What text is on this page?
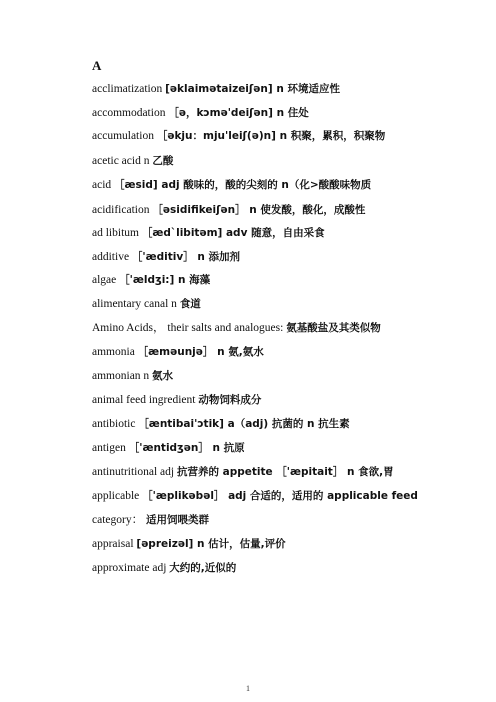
A
acclimatization [əklaimətaizeiʃən] n 环境适应性
accommodation ［ə，kɔmə'deiʃən] n 住处
accumulation ［əkju：mju'leiʃ(ə)n] n 积聚，累积，积聚物
acetic acid n 乙酸
acid ［æsid] adj 酸味的，酸的尖刻的 n（化>酸酸味物质
acidification ［əsidifikeiʃən］ n 使发酸，酸化，成酸性
ad libitum ［æd`libitəm] adv 随意，自由采食
additive ［'æditiv］ n 添加剂
algae ［'ældʒi:] n 海藻
alimentary canal n 食道
Amino Acids， their salts and analogues: 氨基酸盐及其类似物
ammonia ［æməunjə］ n 氨,氨水
ammonian n 氨水
animal feed ingredient 动物饲料成分
antibiotic ［æntibai'ɔtik] a（adj) 抗菌的 n 抗生素
antigen ［'æntidʒən］ n 抗原
antinutritional adj 抗营养的 appetite ［'æpitait］ n 食欲,胃
applicable ［'æplikəbəl］ adj 合适的，适用的 applicable feed
category： 适用饲喂类群
appraisal [əpreizəl] n 估计，估量,评价
approximate adj 大约的,近似的
1
